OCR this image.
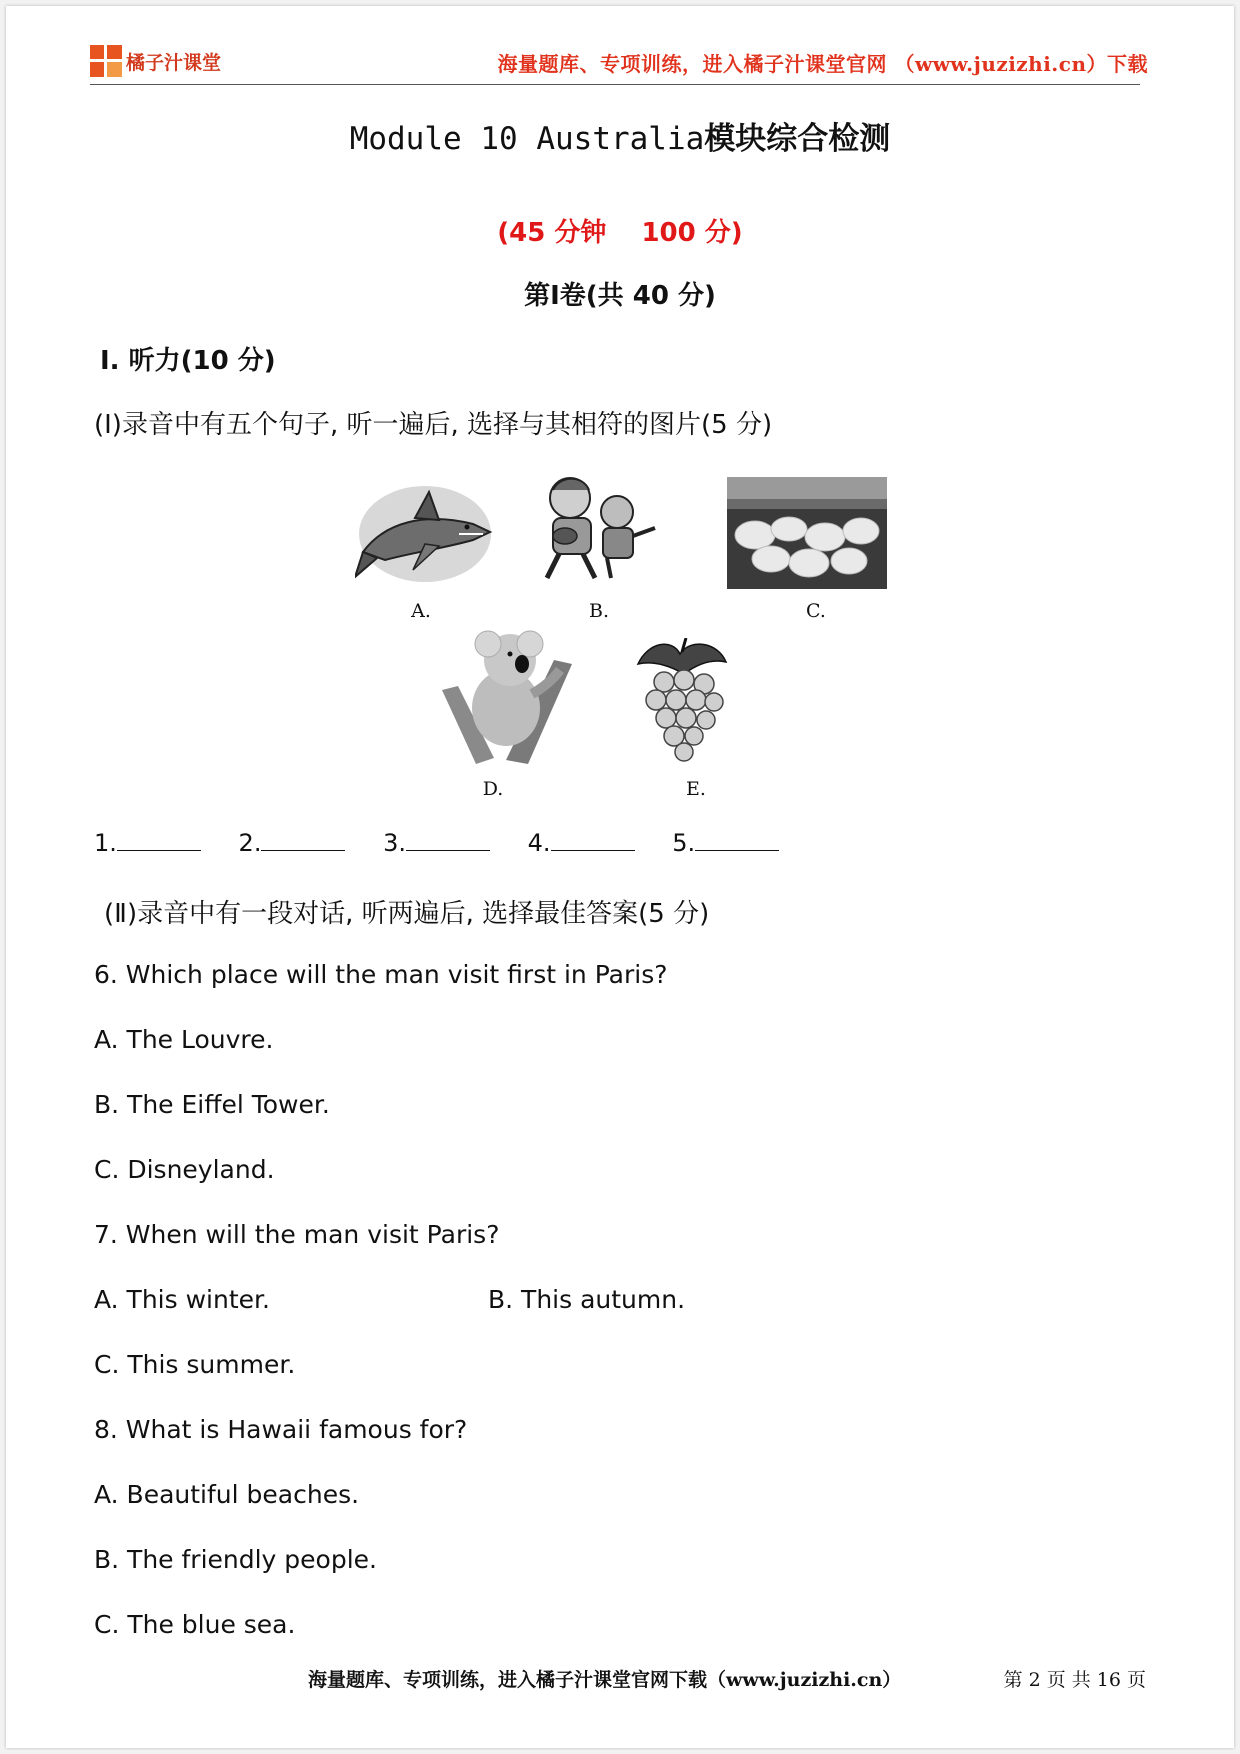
橘子汁课堂	海量题库、专项训练，进入橘子汁课堂官网 （www.juzizhi.cn）下载
Module 10 Australia模块综合检测
(45 分钟　 100 分)
第Ⅰ卷(共 40 分)
Ⅰ. 听力(10 分)
(Ⅰ)录音中有五个句子, 听一遍后, 选择与其相符的图片(5 分)
A.	B.	C.
D.	E.
1.	2.	3.	4.	5.
(Ⅱ)录音中有一段对话, 听两遍后, 选择最佳答案(5 分)
6. Which place will the man visit first in Paris?
A. The Louvre.
B. The Eiffel Tower.
C. Disneyland.
7. When will the man visit Paris?
A. This winter.	B. This autumn.
C. This summer.
8. What is Hawaii famous for?
A. Beautiful beaches.
B. The friendly people.
C. The blue sea.
海量题库、专项训练，进入橘子汁课堂官网下载（www.juzizhi.cn）	第 2 页 共 16 页
